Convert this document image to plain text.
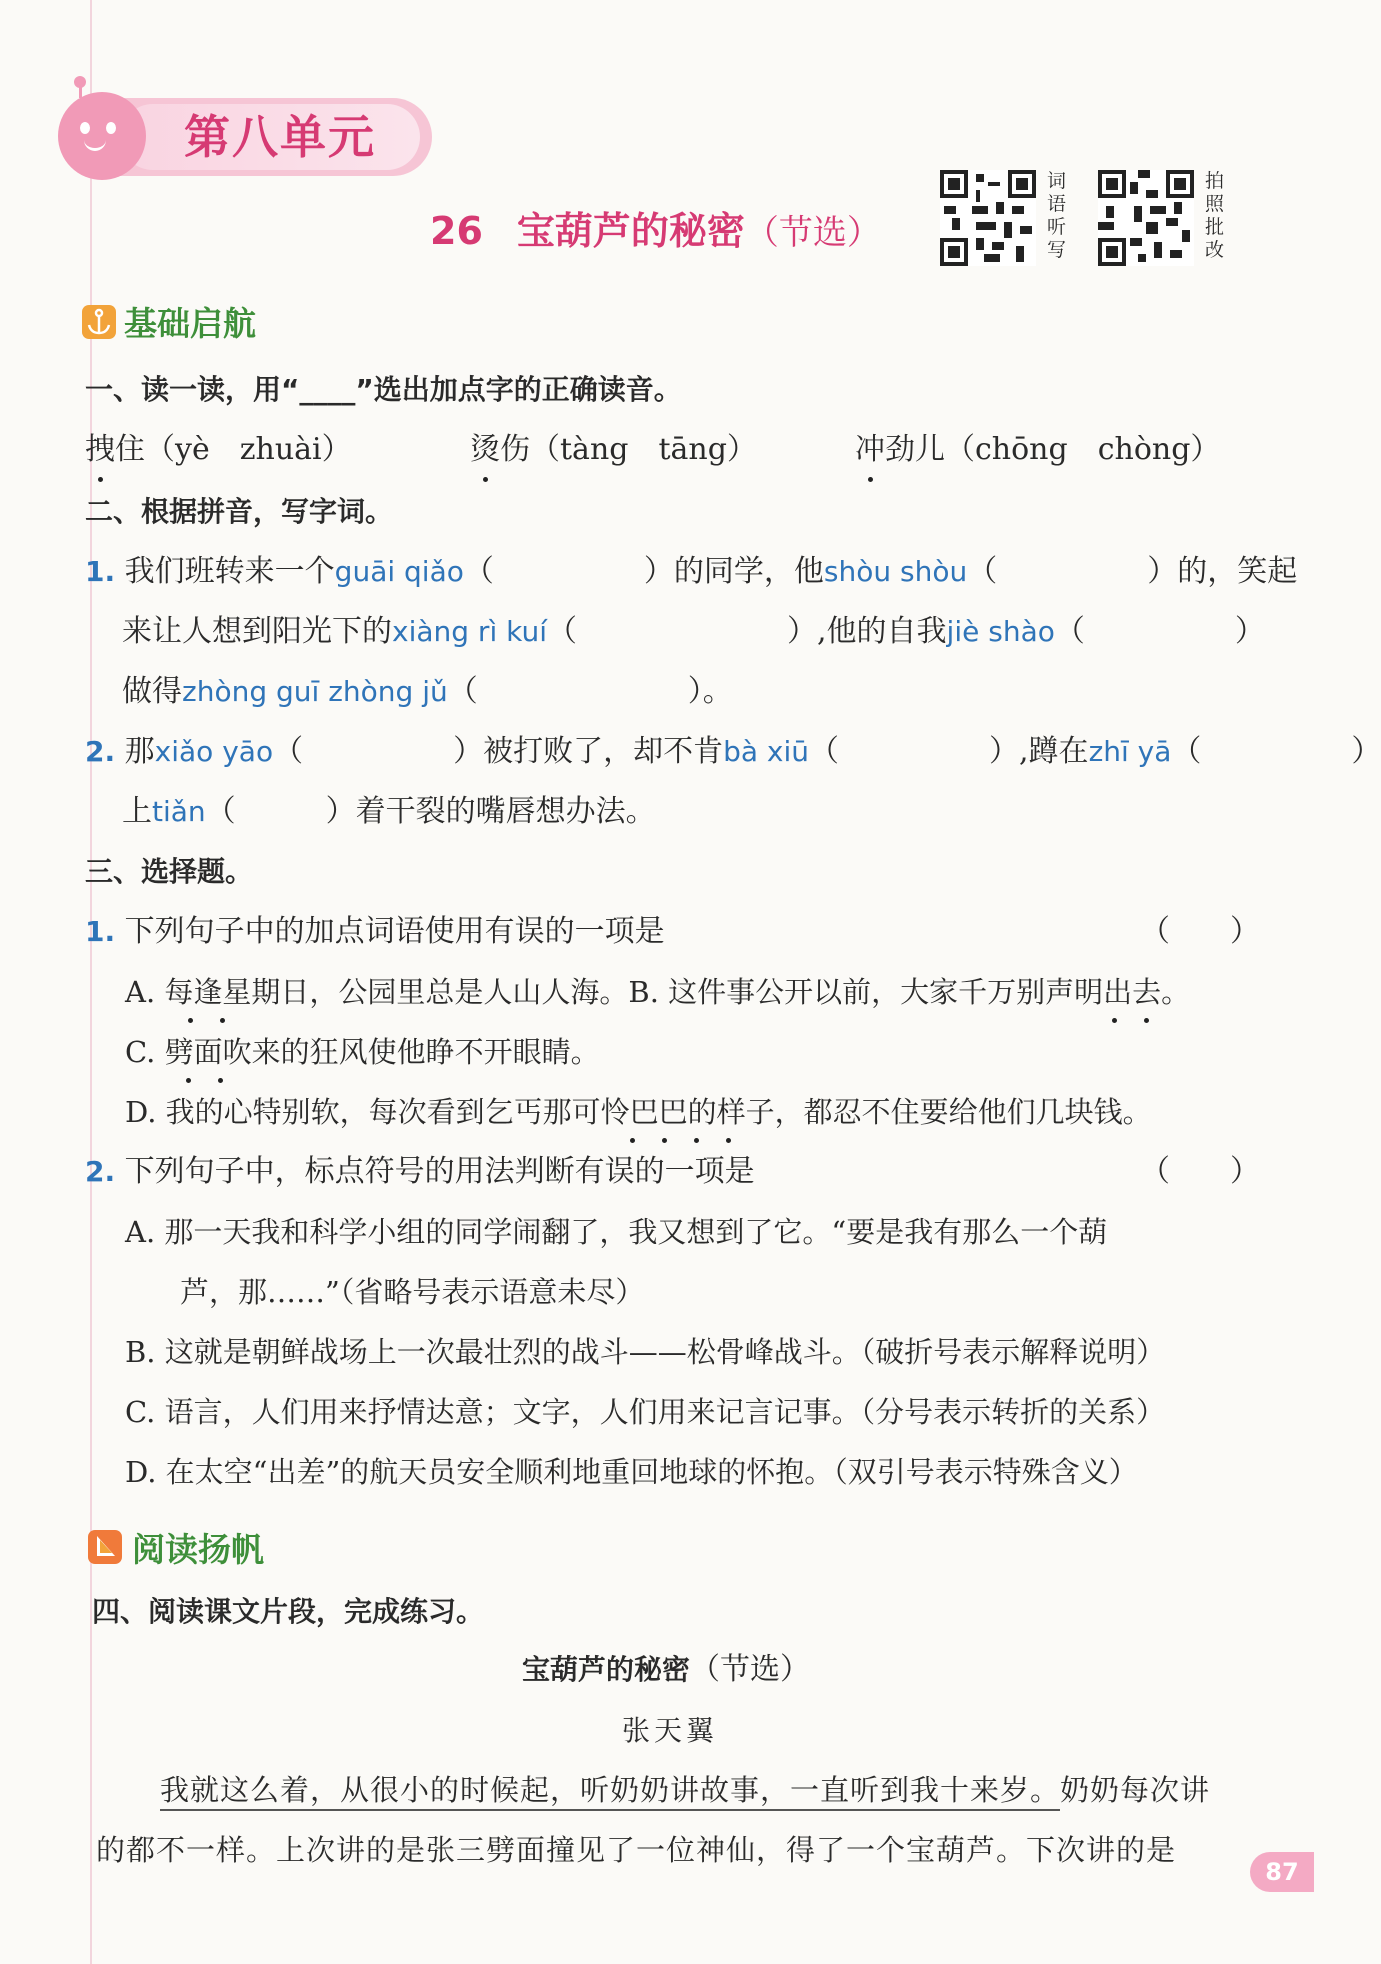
第八单元
26 宝葫芦的秘密（节选）
词语听写
拍照批改
基础启航
一、读一读，用“____”选出加点字的正确读音。
拽住（yè　zhuài）	烫伤（tàng　tāng）	冲劲儿（chōng　chòng）
二、根据拼音，写字词。
1. 我们班转来一个guāi qiǎo（　　　　　）的同学，他shòu shòu（　　　　　）的，笑起
来让人想到阳光下的xiàng rì kuí（　　　　　　　）,他的自我jiè shào（　　　　　）
做得zhòng guī zhòng jǔ（　　　　　　　）。
2. 那xiǎo yāo（　　　　　）被打败了，却不肯bà xiū（　　　　　）,蹲在zhī yā（　　　　　）
上tiǎn（　　　）着干裂的嘴唇想办法。
三、选择题。
1. 下列句子中的加点词语使用有误的一项是	（　　）
A. 每逢星期日，公园里总是人山人海。B. 这件事公开以前，大家千万别声明出去。
C. 劈面吹来的狂风使他睁不开眼睛。
D. 我的心特别软，每次看到乞丐那可怜巴巴的样子，都忍不住要给他们几块钱。
2. 下列句子中，标点符号的用法判断有误的一项是	（　　）
A. 那一天我和科学小组的同学闹翻了，我又想到了它。“要是我有那么一个葫
芦，那……”（省略号表示语意未尽）
B. 这就是朝鲜战场上一次最壮烈的战斗——松骨峰战斗。（破折号表示解释说明）
C. 语言，人们用来抒情达意；文字，人们用来记言记事。（分号表示转折的关系）
D. 在太空“出差”的航天员安全顺利地重回地球的怀抱。（双引号表示特殊含义）
阅读扬帆
四、阅读课文片段，完成练习。
宝葫芦的秘密（节选）
张天翼
我就这么着，从很小的时候起，听奶奶讲故事，一直听到我十来岁。奶奶每次讲
的都不一样。上次讲的是张三劈面撞见了一位神仙，得了一个宝葫芦。下次讲的是
87
